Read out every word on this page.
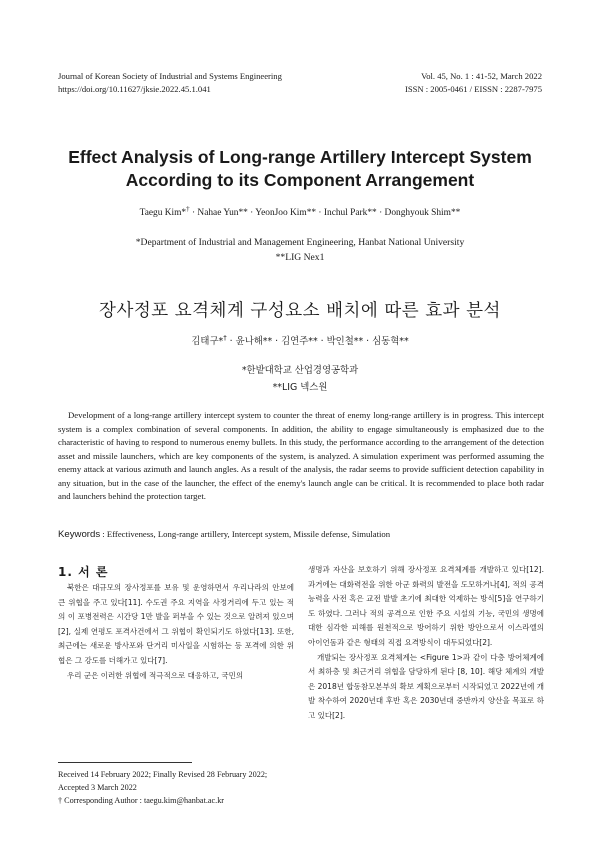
Journal of Korean Society of Industrial and Systems Engineering
https://doi.org/10.11627/jksie.2022.45.1.041
Vol. 45, No. 1 : 41-52, March 2022
ISSN : 2005-0461 / EISSN : 2287-7975
Effect Analysis of Long-range Artillery Intercept System
According to its Component Arrangement
Taegu Kim*† · Nahae Yun** · YeonJoo Kim** · Inchul Park** · Donghyouk Shim**
*Department of Industrial and Management Engineering, Hanbat National University
**LIG Nex1
장사정포 요격체계 구성요소 배치에 따른 효과 분석
김태구*† · 윤나해** · 김연주** · 박인철** · 심동혁**
*한밭대학교 산업경영공학과
**LIG 넥스원
Development of a long-range artillery intercept system to counter the threat of enemy long-range artillery is in progress. This intercept system is a complex combination of several components. In addition, the ability to engage simultaneously is emphasized due to the characteristic of having to respond to numerous enemy bullets. In this study, the performance according to the arrangement of the detection asset and missile launchers, which are key components of the system, is analyzed. A simulation experiment was performed assuming the enemy attack at various azimuth and launch angles. As a result of the analysis, the radar seems to provide sufficient detection capability in any situation, but in the case of the launcher, the effect of the enemy's launch angle can be critical. It is recommended to place both radar and launchers behind the protection target.
Keywords : Effectiveness, Long-range artillery, Intercept system, Missile defense, Simulation
1. 서 론

북한은 대규모의 장사정포를 보유 및 운영하면서 우리나라의 안보에 큰 위협을 주고 있다[11]. 수도권 주요 지역을 사정거리에 두고 있는 적의 이 포병전력은 시간당 1만 발을 퍼부을 수 있는 것으로 알려져 있으며[2], 실제 연평도 포격사건에서 그 위협이 확인되기도 하였다[13]. 또한, 최근에는 새로운 방사포와 단거리 미사일을 시험하는 등 포격에 의한 위협은 그 강도를 더해가고 있다[7].

우리 군은 이러한 위협에 적극적으로 대응하고, 국민의

생명과 자산을 보호하기 위해 장사정포 요격체계를 개발하고 있다[12]. 과거에는 대화력전을 위한 아군 화력의 발전을 도모하거나[4], 적의 공격능력을 사전 혹은 교전 발발 초기에 최대한 억제하는 방식[5]을 연구하기도 하였다. 그러나 적의 공격으로 인한 주요 시설의 기능, 국민의 생명에 대한 심각한 피해를 원천적으로 방어하기 위한 방안으로서 이스라엘의 아이언돔과 같은 형태의 직접 요격방식이 대두되었다[2].

개발되는 장사정포 요격체계는 <Figure 1>과 같이 다층 방어체계에서 최하층 및 최근거리 위협을 담당하게 된다 [8, 10]. 해당 체계의 개발은 2018년 합동참모본부의 확보 계획으로부터 시작되었고 2022년에 개발 착수하여 2020년대 후반 혹은 2030년대 중반까지 양산을 목표로 하고 있다[2].

Received 14 February 2022; Finally Revised 28 February 2022;
Accepted 3 March 2022
† Corresponding Author : taegu.kim@hanbat.ac.kr
